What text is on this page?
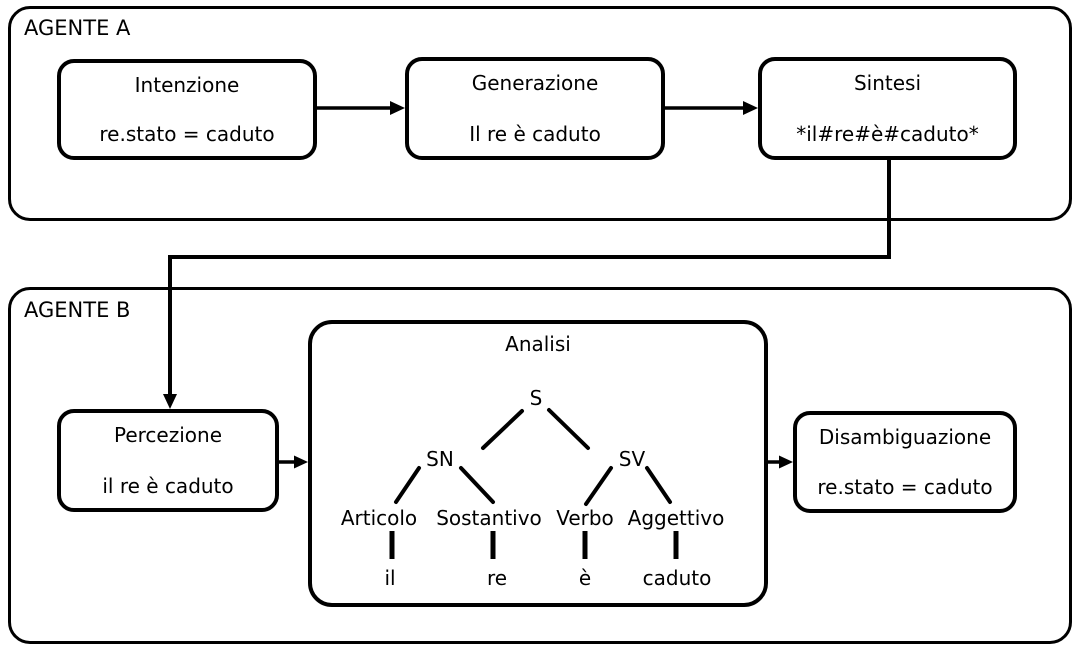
AGENTE A
AGENTE B
Intenzione
re.stato = caduto
Generazione
Il re è caduto
Sintesi
*il#re#è#caduto*
Percezione
il re è caduto
Analisi
Disambiguazione
re.stato = caduto
S
SN	SV
Articolo Sostantivo Verbo Aggettivo
il	re	è	caduto
